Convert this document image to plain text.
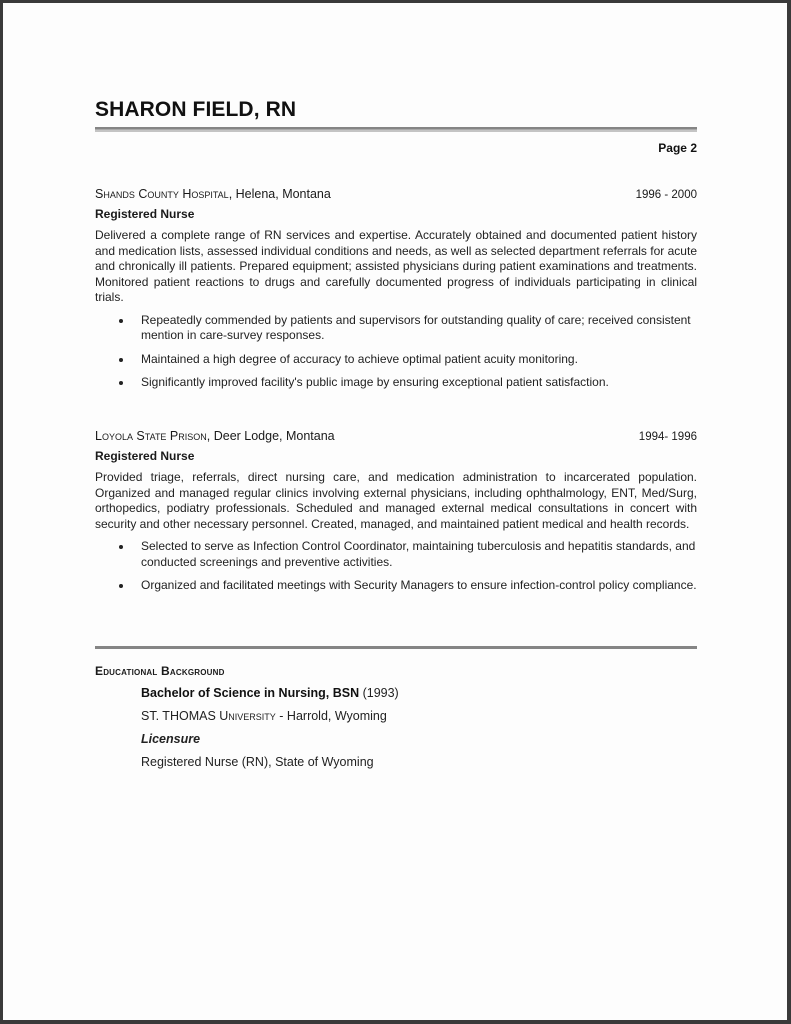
SHARON FIELD, RN
Page 2
Shands County Hospital, Helena, Montana	1996 - 2000
Registered Nurse
Delivered a complete range of RN services and expertise. Accurately obtained and documented patient history and medication lists, assessed individual conditions and needs, as well as selected department referrals for acute and chronically ill patients. Prepared equipment; assisted physicians during patient examinations and treatments. Monitored patient reactions to drugs and carefully documented progress of individuals participating in clinical trials.
Repeatedly commended by patients and supervisors for outstanding quality of care; received consistent mention in care-survey responses.
Maintained a high degree of accuracy to achieve optimal patient acuity monitoring.
Significantly improved facility's public image by ensuring exceptional patient satisfaction.
Loyola State Prison, Deer Lodge, Montana	1994- 1996
Registered Nurse
Provided triage, referrals, direct nursing care, and medication administration to incarcerated population. Organized and managed regular clinics involving external physicians, including ophthalmology, ENT, Med/Surg, orthopedics, podiatry professionals. Scheduled and managed external medical consultations in concert with security and other necessary personnel. Created, managed, and maintained patient medical and health records.
Selected to serve as Infection Control Coordinator, maintaining tuberculosis and hepatitis standards, and conducted screenings and preventive activities.
Organized and facilitated meetings with Security Managers to ensure infection-control policy compliance.
Educational Background
Bachelor of Science in Nursing, BSN (1993)
ST. THOMAS University - Harrold, Wyoming
Licensure
Registered Nurse (RN), State of Wyoming
